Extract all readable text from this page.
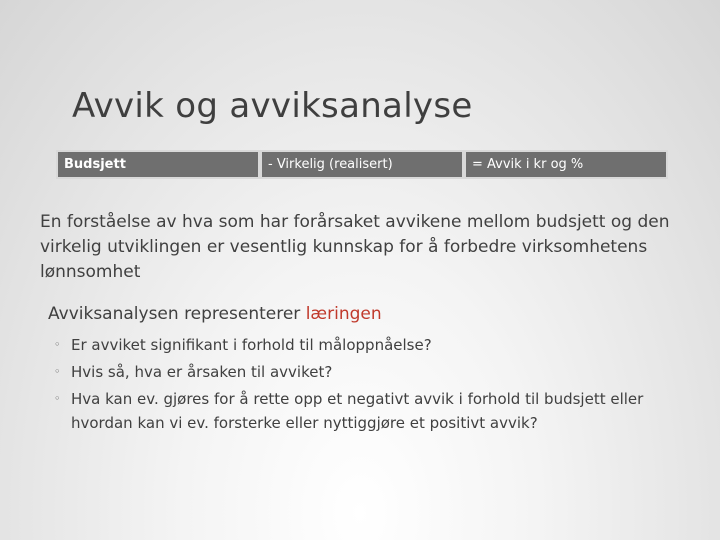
Avvik og avviksanalyse
Budsjett	- Virkelig (realisert)	= Avvik i kr og %
En forståelse av hva som har forårsaket avvikene mellom budsjett og den virkelig utviklingen er vesentlig kunnskap for å forbedre virksomhetens lønnsomhet
Avviksanalysen representerer læringen
◦ Er avviket signifikant i forhold til måloppnåelse?
◦ Hvis så, hva er årsaken til avviket?
◦ Hva kan ev. gjøres for å rette opp et negativt avvik i forhold til budsjett eller hvordan kan vi ev. forsterke eller nyttiggjøre et positivt avvik?
